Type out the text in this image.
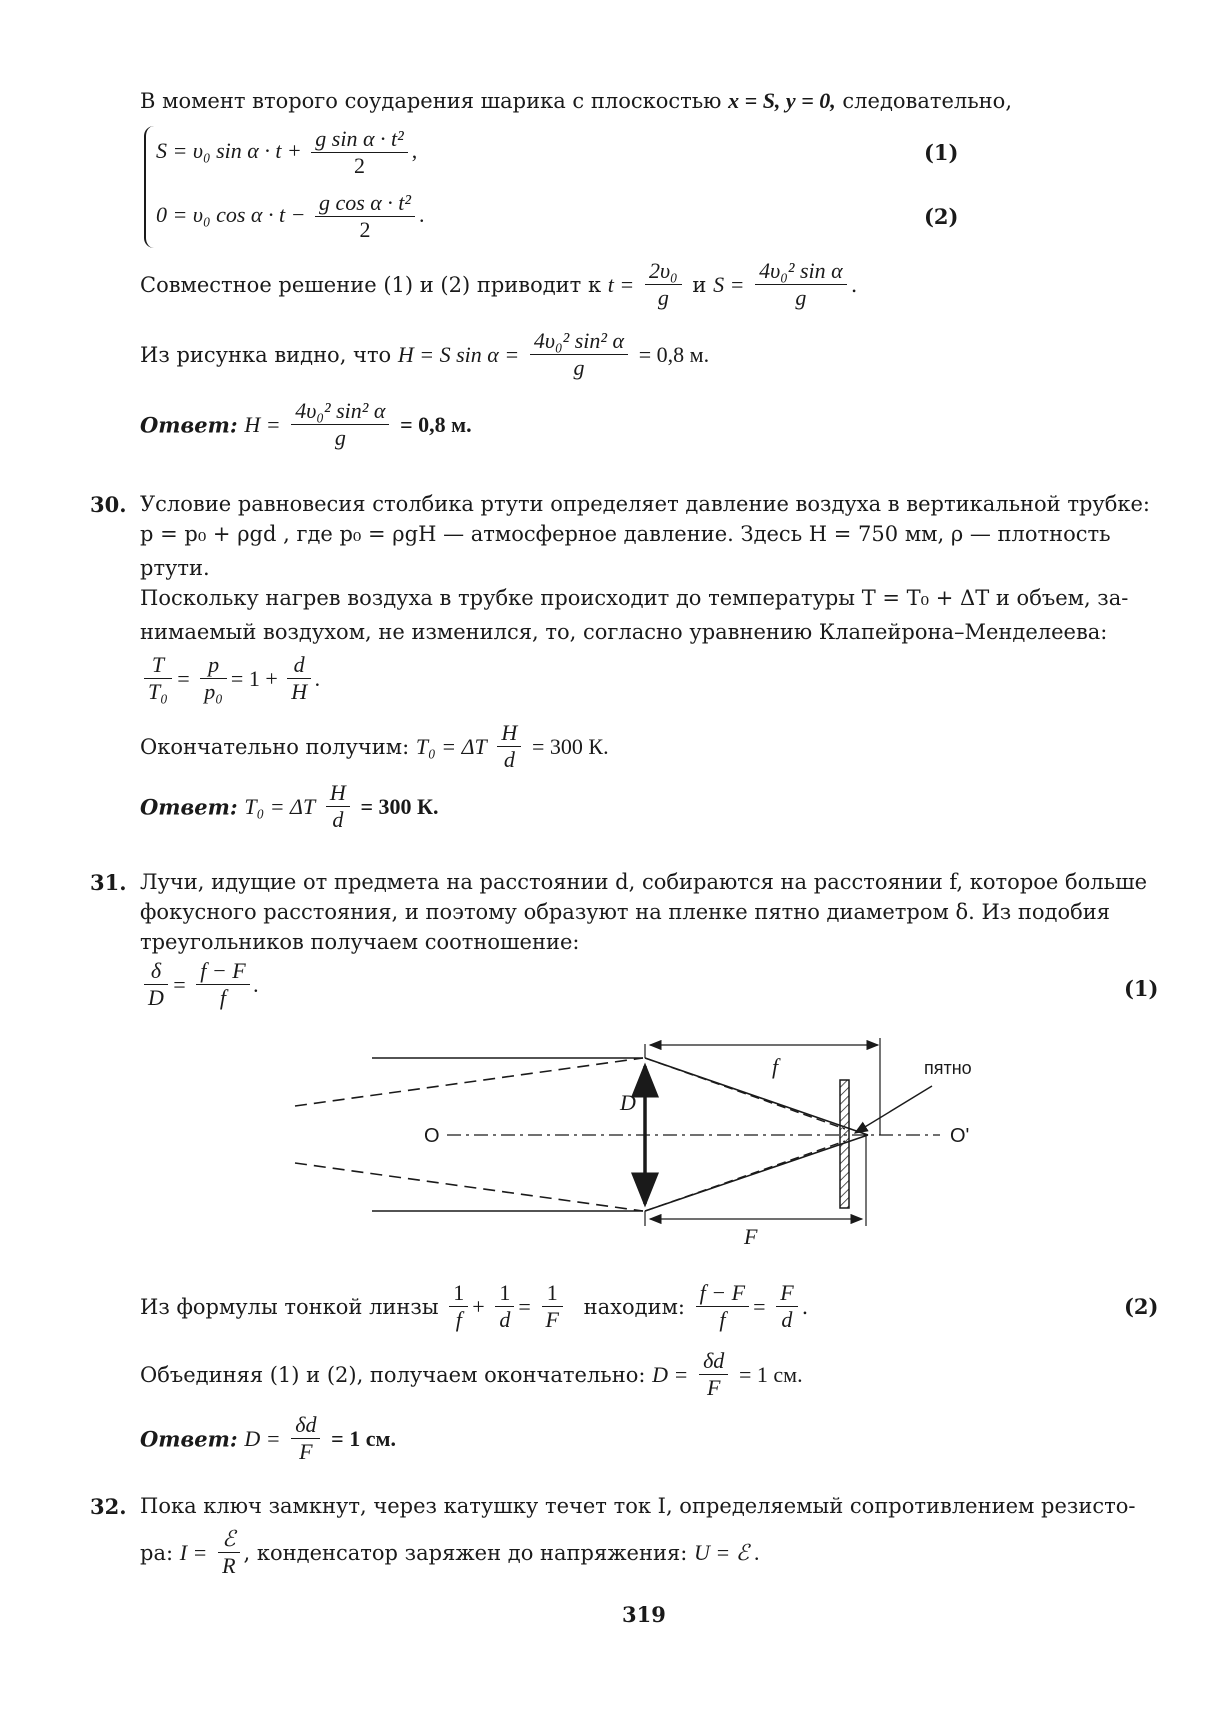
В момент второго соударения шарика с плоскостью x = S, y = 0, следовательно,
S = υ₀ $\sin \alpha \cdot t + \frac{\text{g sin α · t²}}{2}$ ,	(1)
0 = υ₀ $\cos \alpha \cdot t - \frac{\text{g cos α · t²}}{2}$ .	(2)
Совместное решение (1) и (2) приводит к $t = \frac{\text{2υ₀}}{g}$ и $S = \frac{\text{4υ₀² sin α}}{g}$ .
Из рисунка видно, что H = S $\sin \alpha = \frac{\text{4υ₀² sin² α}}{g} = 0,8$ м.
Ответ: $H = \frac{\text{4υ₀² sin² α}}{g} = 0,8$ м.
30. Условие равновесия столбика ртути определяет давление воздуха в вертикальной трубке:
p = p₀ + ρgd , где p₀ = ρgH — атмосферное давление. Здесь H = 750 мм, ρ — плотность
ртути.
Поскольку нагрев воздуха в трубке происходит до температуры T = T₀ + ΔT и объем, за-
нимаемый воздухом, не изменился, то, согласно уравнению Клапейрона–Менделеева:
$\frac{T}{\text{T₀}} = \frac{p}{\text{p₀}} = 1 + \frac{d}{H}$ .
Окончательно получим: T₀ = ΔT $\frac{H}{d} = 300$ К.
Ответ: T₀ = ΔT $\frac{H}{d} = 300$ К.
31. Лучи, идущие от предмета на расстоянии d, собираются на расстоянии f, которое больше
фокусного расстояния, и поэтому образуют на пленке пятно диаметром δ. Из подобия
треугольников получаем соотношение:
$\frac{\delta}{D} = \frac{f - F}{f}$ .	(1)
f
F
D
O	O'
пятно
Из формулы тонкой линзы $\frac{1}{f} + \frac{1}{d} = \frac{1}{F}$ находим: $\frac{f - F}{f} = \frac{F}{d}$ .	(2)
Объединяя (1) и (2), получаем окончательно: $D = \frac{\delta d}{F} = 1$ см.
Ответ: $D = \frac{\delta d}{F} = 1$ см.
32. Пока ключ замкнут, через катушку течет ток I, определяемый сопротивлением резисто-
ра: $I = \frac{\text{ℰ}}{R}$ , конденсатор заряжен до напряжения: U = ℰ .
319
